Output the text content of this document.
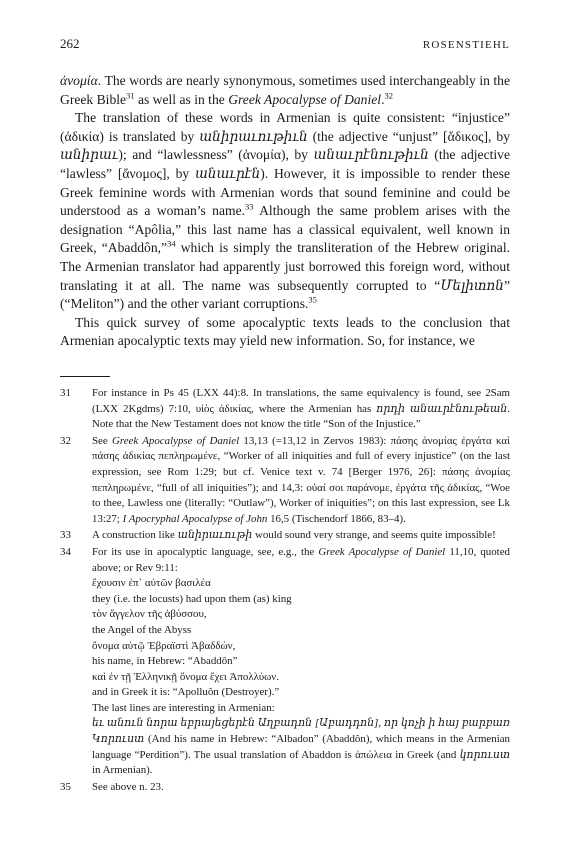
262	ROSENSTIEHL

ἀνομία. The words are nearly synonymous, sometimes used interchangeably in the Greek Bible$^{31}$ as well as in the Greek Apocalypse of Daniel.$^{32}$

The translation of these words in Armenian is quite consistent: “injustice” (ἀδικία) is translated by անիրաւութիւն (the adjective “unjust” [ἄδικος], by անիրաւ); and “lawlessness” (ἀνομία), by անաւրէնութիւն (the adjective “lawless” [ἄνομος], by անաւրէն). However, it is impossible to render these Greek feminine words with Armenian words that sound feminine and could be understood as a woman’s name.$^{33}$ Although the same problem arises with the designation “Apôlia,” this last name has a classical equivalent, well known in Greek, “Abaddôn,”$^{34}$ which is simply the transliteration of the Hebrew original. The Armenian translator had apparently just borrowed this foreign word, without translating it at all. The name was subsequently corrupted to “Մելիտոն” (“Meliton”) and the other variant corruptions.$^{35}$

This quick survey of some apocalyptic texts leads to the conclusion that Armenian apocalyptic texts may yield new information. So, for instance, we

31	For instance in Ps 45 (LXX 44):8. In translations, the same equivalency is found, see 2Sam (LXX 2Kgdms) 7:10, υἱὸς ἀδικίας, where the Armenian has որդի անաւրէնութեան. Note that the New Testament does not know the title “Son of the Injustice.”
32	See Greek Apocalypse of Daniel 13,13 (=13,12 in Zervos 1983): πάσης ἀνομίας ἐργάτα καὶ πάσης ἀδικίας πεπληρωμένε, “Worker of all iniquities and full of every injustice” (on the last expression, see Rom 1:29; but cf. Venice text v. 74 [Berger 1976, 26]: πάσης ἀνομίας πεπληρωμένε, “full of all iniquities”); and 14,3: οὐαί σοι παράνομε, ἐργάτα τῆς ἀδικίας, “Woe to thee, Lawless one (literally: “Outlaw”), Worker of iniquities”; on this last expression, see Lk 13:27; I Apocryphal Apocalypse of John 16,5 (Tischendorf 1866, 83–4).
33	A construction like անիրաւութի would sound very strange, and seems quite impossible!
34	For its use in apocalyptic language, see, e.g., the Greek Apocalypse of Daniel 11,10, quoted above; or Rev 9:11:
ἔχουσιν ἐπ᾽ αὐτῶν βασιλέα
they (i.e. the locusts) had upon them (as) king
τὸν ἄγγελον τῆς ἀβύσσου,
the Angel of the Abyss
ὄνομα αὐτῷ Ἑβραϊστὶ Ἀβαδδών,
his name, in Hebrew: “Abaddôn”
καὶ ἐν τῇ Ἑλληνικῇ ὄνομα ἔχει Ἀπολλύων.
and in Greek it is: “Apolluôn (Destroyer).”
The last lines are interesting in Armenian:
եւ անուն նորա եբրայեցերէն Աղբադոն [Աբադդոն], որ կոչի ի հայ բարբառ Կորուստ (And his name in Hebrew: “Albadon” (Abaddôn), which means in the Armenian language “Perdition”). The usual translation of Abaddon is ἀπώλεια in Greek (and կորուստ in Armenian).
35	See above n. 23.
